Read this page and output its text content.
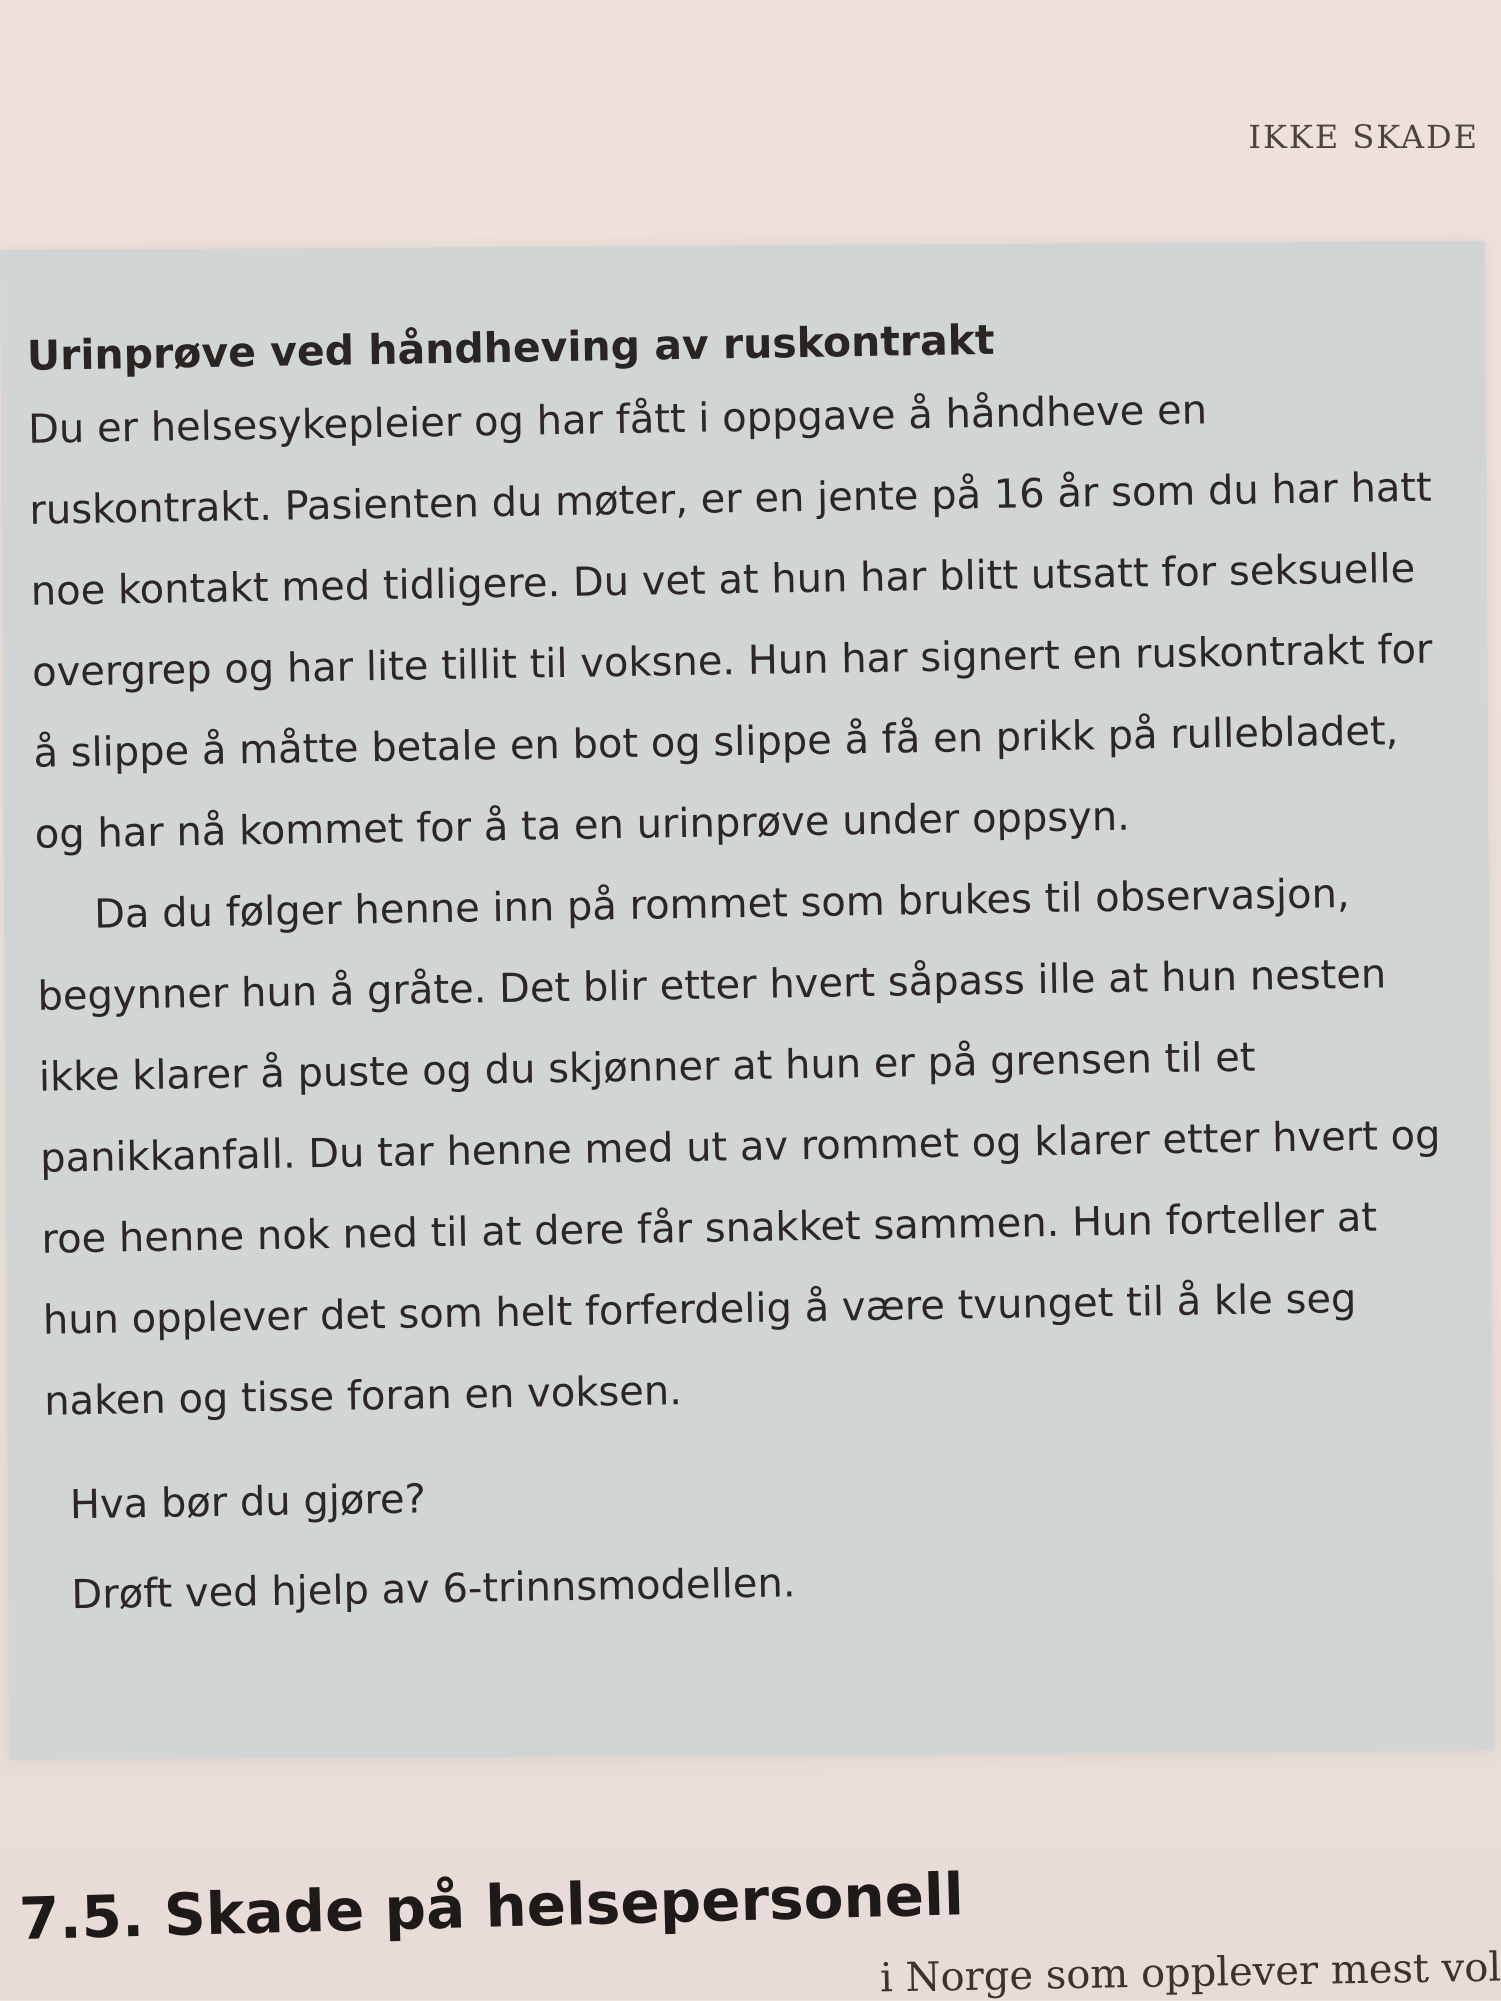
IKKE SKADE
Urinprøve ved håndheving av ruskontrakt

Du er helsesykepleier og har fått i oppgave å håndheve en ruskontrakt. Pasienten du møter, er en jente på 16 år som du har hatt noe kontakt med tidligere. Du vet at hun har blitt utsatt for seksuelle overgrep og har lite tillit til voksne. Hun har signert en ruskontrakt for å slippe å måtte betale en bot og slippe å få en prikk på rullebladet, og har nå kommet for å ta en urinprøve under oppsyn.

Da du følger henne inn på rommet som brukes til observasjon, begynner hun å gråte. Det blir etter hvert såpass ille at hun nesten ikke klarer å puste og du skjønner at hun er på grensen til et panikkanfall. Du tar henne med ut av rommet og klarer etter hvert og roe henne nok ned til at dere får snakket sammen. Hun forteller at hun opplever det som helt forferdelig å være tvunget til å kle seg naken og tisse foran en voksen.

Hva bør du gjøre?
Drøft ved hjelp av 6-trinnsmodellen.
7.5. Skade på helsepersonell
i Norge som opplever mest vol
